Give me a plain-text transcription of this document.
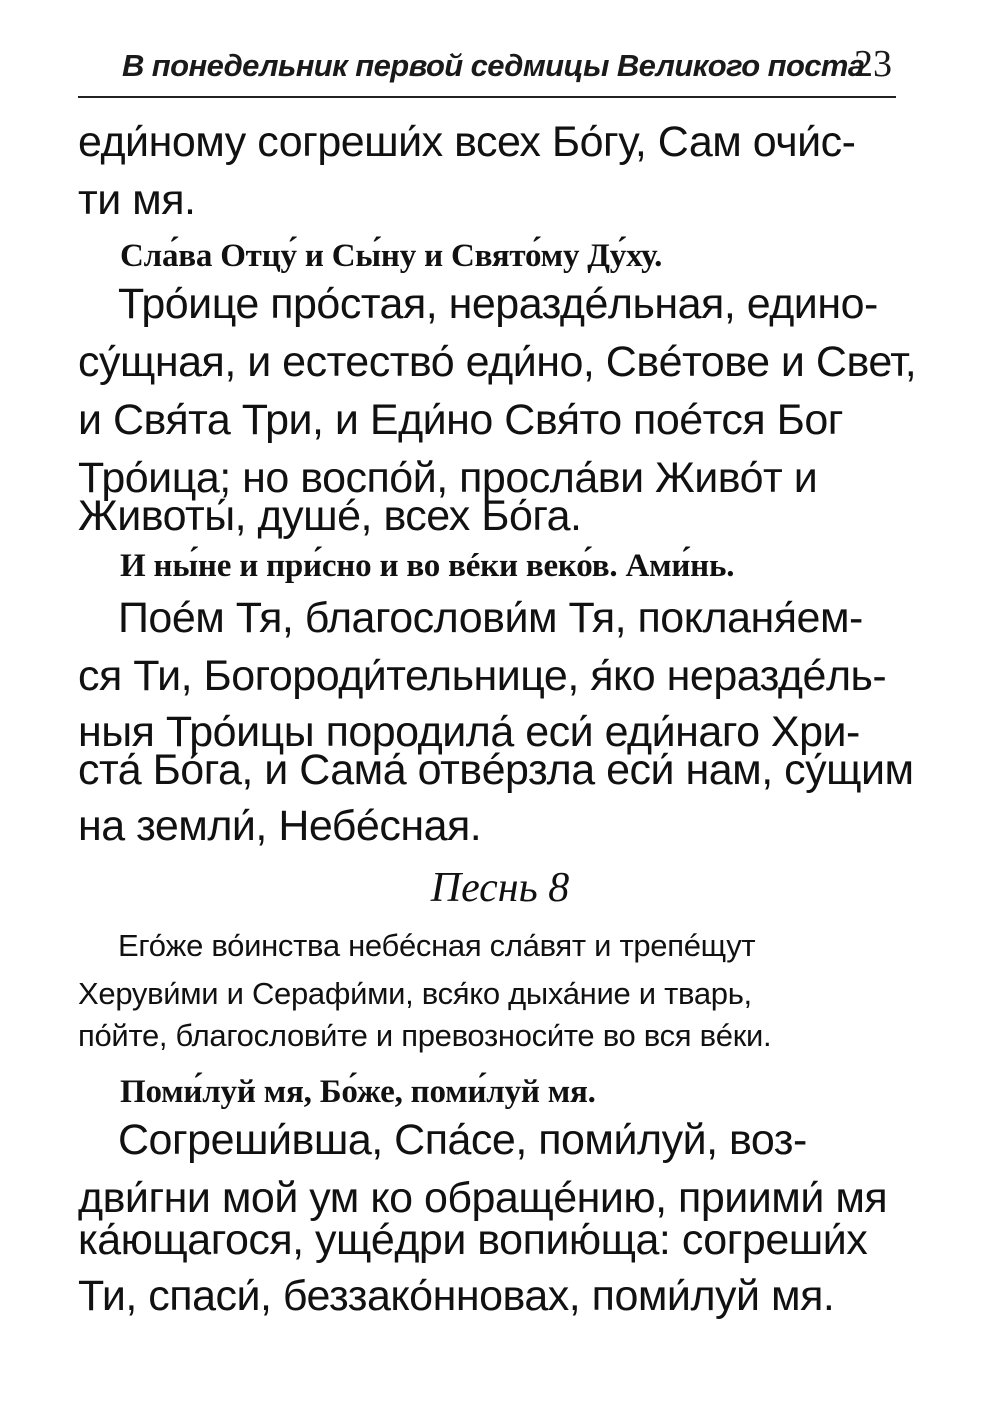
В понедельник первой седмицы Великого поста
23
еди́ному согреши́х всех Бо́гу, Сам очи́с-
ти мя.
Сла́ва Отцу́ и Сы́ну и Свято́му Ду́ху.
Тро́ице про́стая, нераздéльная, едино-
су́щная, и естество́ еди́но, Свéтове и Свет,
и Свя́та Три, и Еди́но Свя́то поéтся Бог
Тро́ица; но воспо́й, просла́ви Живо́т и
Животы́, душé, всех Бо́га.
И ны́не и при́сно и во вéки веко́в. Ами́нь.
Поéм Тя, благослови́м Тя, покланя́ем-
ся Ти, Богороди́тельнице, я́ко нераздéль-
ныя Тро́ицы породила́ еси́ еди́наго Хри-
ста́ Бо́га, и Сама́ отвéрзла еси́ нам, су́щим
на земли́, Небéсная.
Песнь 8
Его́же во́инства небéсная сла́вят и трепéщут
Херуви́ми и Серафи́ми, вся́ко дыха́ние и тварь,
по́йте, благослови́те и превозноси́те во вся вéки.
Поми́луй мя, Бо́же, поми́луй мя.
Согреши́вша, Спа́се, поми́луй, воз-
дви́гни мой ум ко обращéнию, приими́ мя
ка́ющагося, ущéдри вопию́ща: согреши́х
Ти, спаси́, беззако́нновах, поми́луй мя.
